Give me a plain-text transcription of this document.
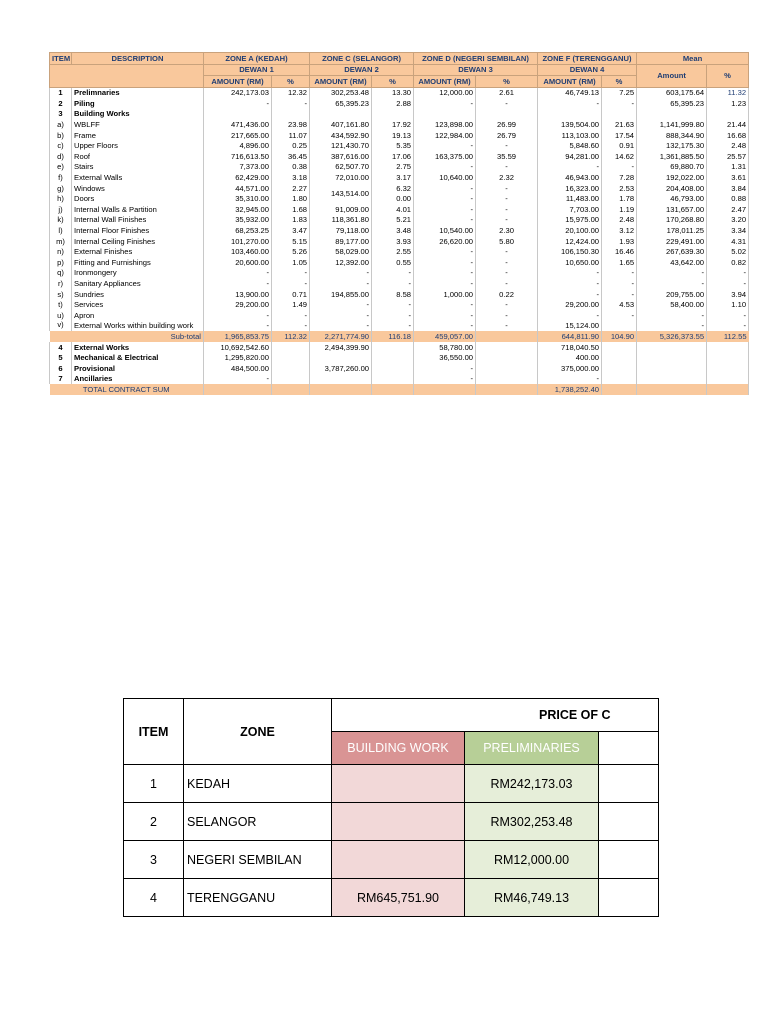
ITEM	DESCRIPTION	ZONE A (KEDAH)		ZONE C (SELANGOR)		ZONE D (NEGERI SEMBILAN)		ZONE F (TERENGGANU)		Mean	
		DEWAN 1		DEWAN 2		DEWAN 3		DEWAN 4		Amount	%
		AMOUNT (RM)	%	AMOUNT (RM)	%	AMOUNT (RM)	%	AMOUNT (RM)	%		
1	Prelimnaries	242,173.03	12.32	302,253.48	13.30	12,000.00	2.61	46,749.13	7.25	603,175.64	11.32
2	Piling	-	-	65,395.23	2.88	-	-	-	-	65,395.23	1.23
3	Building Works										
a)	WBLFF	471,436.00	23.98	407,161.80	17.92	123,898.00	26.99	139,504.00	21.63	1,141,999.80	21.44
b)	Frame	217,665.00	11.07	434,592.90	19.13	122,984.00	26.79	113,103.00	17.54	888,344.90	16.68
c)	Upper Floors	4,896.00	0.25	121,430.70	5.35	-	-	5,848.60	0.91	132,175.30	2.48
d)	Roof	716,613.50	36.45	387,616.00	17.06	163,375.00	35.59	94,281.00	14.62	1,361,885.50	25.57
e)	Stairs	7,373.00	0.38	62,507.70	2.75	-	-	-	-	69,880.70	1.31
f)	External Walls	62,429.00	3.18	72,010.00	3.17	10,640.00	2.32	46,943.00	7.28	192,022.00	3.61
g)	Windows	44,571.00	2.27	143,514.00	6.32	-	-	16,323.00	2.53	204,408.00	3.84
h)	Doors	35,310.00	1.80		0.00	-	-	11,483.00	1.78	46,793.00	0.88
j)	Internal Walls & Partition	32,945.00	1.68	91,009.00	4.01	-	-	7,703.00	1.19	131,657.00	2.47
k)	Internal Wall Finishes	35,932.00	1.83	118,361.80	5.21	-	-	15,975.00	2.48	170,268.80	3.20
l)	Internal Floor Finishes	68,253.25	3.47	79,118.00	3.48	10,540.00	2.30	20,100.00	3.12	178,011.25	3.34
m)	Internal Ceiling Finishes	101,270.00	5.15	89,177.00	3.93	26,620.00	5.80	12,424.00	1.93	229,491.00	4.31
n)	External Finishes	103,460.00	5.26	58,029.00	2.55	-	-	106,150.30	16.46	267,639.30	5.02
p)	Fitting and Furnishings	20,600.00	1.05	12,392.00	0.55	-	-	10,650.00	1.65	43,642.00	0.82
q)	Ironmongery	-	-	-	-	-	-	-	-	-	-
r)	Sanitary Appliances	-	-	-	-	-	-	-	-	-	-
s)	Sundries	13,900.00	0.71	194,855.00	8.58	1,000.00	0.22	-	-	209,755.00	3.94
t)	Services	29,200.00	1.49	-	-	-	-	29,200.00	4.53	58,400.00	1.10
u)	Apron	-	-	-	-	-	-	-	-	-	-
v)	External Works within building work	-	-	-	-	-	-	15,124.00		-	-
Sub-total		1,965,853.75	112.32	2,271,774.90	116.18	459,057.00		644,811.90	104.90	5,326,373.55	112.55
4	External Works	10,692,542.60		2,494,399.90		58,780.00		718,040.50			
5	Mechanical & Electrical	1,295,820.00				36,550.00		400.00			
6	Provisional	484,500.00		3,787,260.00		-		375,000.00			
7	Ancillaries	-				-		-			
TOTAL CONTRACT SUM								1,738,252.40			
ITEM	ZONE	PRICE OF C		
		BUILDING WORK	PRELIMINARIES	
1	KEDAH		RM242,173.03	
2	SELANGOR		RM302,253.48	
3	NEGERI SEMBILAN		RM12,000.00	
4	TERENGGANU	RM645,751.90	RM46,749.13	
